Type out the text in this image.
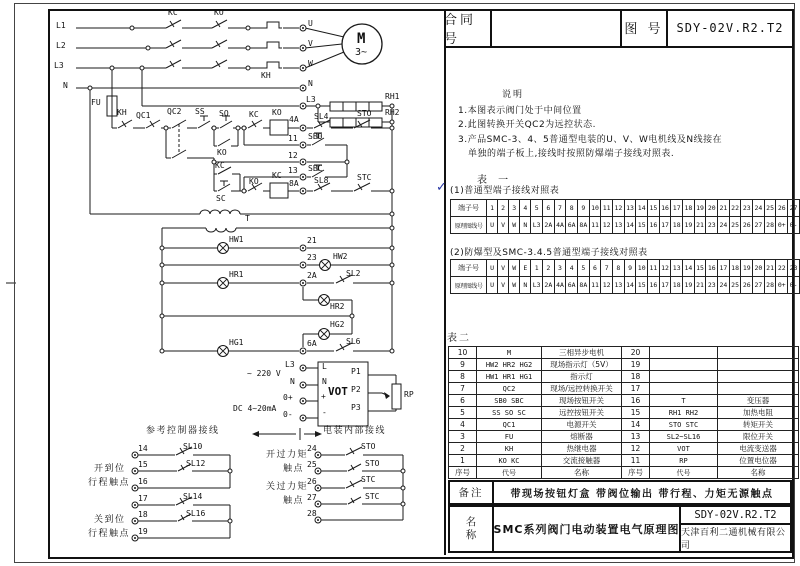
L1
L2
L3
N
KC	KO
U
V
W
KH
M
3~
N
L3	RH1
RH2
FU
KH QC1 QC2 SS SO
KO
KC KO
4A SL4	STO
11 SB0
12
13 SBC
KC
SC
KO
KC
8A SL8	STC
T
HW1	21
23 HW2
HR1	2A	SL2
HR2
HG2
HG1	6A	SL6
~ 220 V
L3
N
0+
DC 4~20mA
0-
L
N
VOT
+
-
P1
P2
P3
RP
参考控制器接线	电装内部接线
14	SL10
15	SL12
16
17	SL14
18	SL16
19
开到位
行程触点
关到位
行程触点
24	STO
25	STO
26	STC
27	STC
28
开过力矩
触点
关过力矩
触点
合同号
图 号	SDY-02V.R2.T2
说明
1.本图表示阀门处于中间位置
2.此图转换开关QC2为远控状态.
3.产品SMC-3、4、5普通型电装的U、V、W电机线及N线接在
单独的端子板上,接线时按照防爆端子接线对照表.
表 一
✓ (1)普通型端子接线对照表
端子号	1	2	3	4	5	6	7	8	9	10	11	12	13	14	15	16	17	18	19	20	21	22	23	24	25	26	27
原理图线号	U	V	W	N	L3	2A	4A	6A	8A	11	12	13	14	15	16	17	18	19	21	23	24	25	26	27	28	0+	0-
(2)防爆型及SMC-3.4.5普通型端子接线对照表
端子号	U	V	W	E	1	2	3	4	5	6	7	8	9	10	11	12	13	14	15	16	17	18	19	20	21	22	23
原理图线号	U	V	W	N	L3	2A	4A	6A	8A	11	12	13	14	15	16	17	18	19	21	23	24	25	26	27	28	0+	0-
表二
10	M	三相异步电机	20		
9	HW2 HR2 HG2	现场指示灯（5V）	19		
8	HW1 HR1 HG1	指示灯	18		
7	QC2	现场/远控转换开关	17		
6	SB0 SBC	现场按钮开关	16	T	变压器
5	SS SO SC	远控按钮开关	15	RH1 RH2	加热电阻
4	QC1	电源开关	14	STO STC	转矩开关
3	FU	熔断器	13	SL2~SL16	限位开关
2	KH	热继电器	12	VOT	电流变送器
1	KO KC	交流接触器	11	RP	位置电位器
序号	代号	名称	序号	代号	名称
备注	带现场按钮灯盒 带阀位输出 带行程、力矩无源触点
名
称 SMC系列阀门电动装置电气原理图
SDY-02V.R2.T2
天津百利二通机械有限公司
